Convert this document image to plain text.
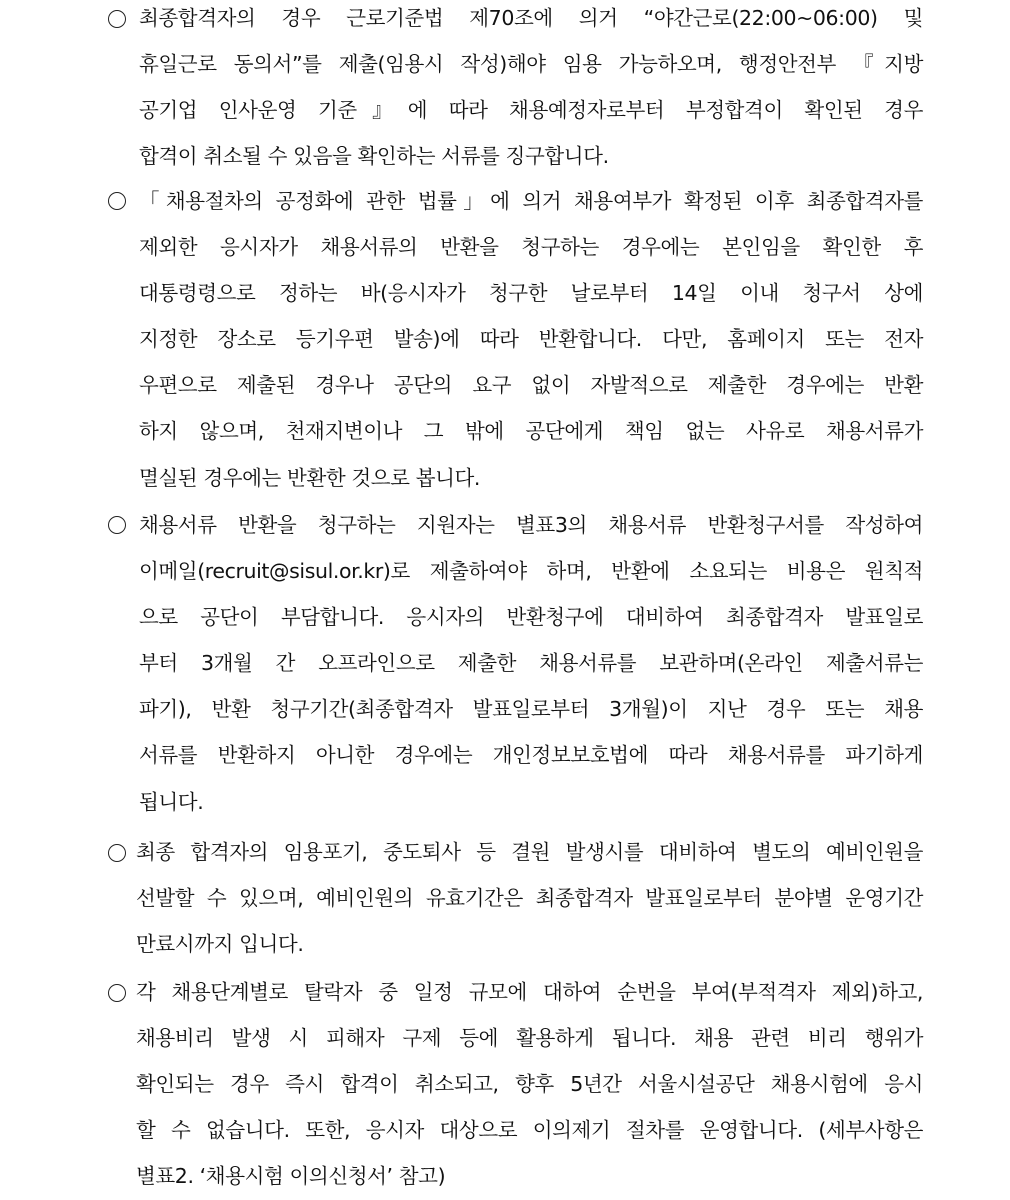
최종합격자의 경우 근로기준법 제70조에 의거 “야간근로(22:00~06:00) 및
휴일근로 동의서”를 제출(임용시 작성)해야 임용 가능하오며, 행정안전부 『지방
공기업 인사운영 기준』에 따라 채용예정자로부터 부정합격이 확인된 경우
합격이 취소될 수 있음을 확인하는 서류를 징구합니다.
「채용절차의 공정화에 관한 법률」에 의거 채용여부가 확정된 이후 최종합격자를
제외한 응시자가 채용서류의 반환을 청구하는 경우에는 본인임을 확인한 후
대통령령으로 정하는 바(응시자가 청구한 날로부터 14일 이내 청구서 상에
지정한 장소로 등기우편 발송)에 따라 반환합니다. 다만, 홈페이지 또는 전자
우편으로 제출된 경우나 공단의 요구 없이 자발적으로 제출한 경우에는 반환
하지 않으며, 천재지변이나 그 밖에 공단에게 책임 없는 사유로 채용서류가
멸실된 경우에는 반환한 것으로 봅니다.
채용서류 반환을 청구하는 지원자는 별표3의 채용서류 반환청구서를 작성하여
이메일(recruit@sisul.or.kr)로 제출하여야 하며, 반환에 소요되는 비용은 원칙적
으로 공단이 부담합니다. 응시자의 반환청구에 대비하여 최종합격자 발표일로
부터 3개월 간 오프라인으로 제출한 채용서류를 보관하며(온라인 제출서류는
파기), 반환 청구기간(최종합격자 발표일로부터 3개월)이 지난 경우 또는 채용
서류를 반환하지 아니한 경우에는 개인정보보호법에 따라 채용서류를 파기하게
됩니다.
최종 합격자의 임용포기, 중도퇴사 등 결원 발생시를 대비하여 별도의 예비인원을
선발할 수 있으며, 예비인원의 유효기간은 최종합격자 발표일로부터 분야별 운영기간
만료시까지 입니다.
각 채용단계별로 탈락자 중 일정 규모에 대하여 순번을 부여(부적격자 제외)하고,
채용비리 발생 시 피해자 구제 등에 활용하게 됩니다. 채용 관련 비리 행위가
확인되는 경우 즉시 합격이 취소되고, 향후 5년간 서울시설공단 채용시험에 응시
할 수 없습니다. 또한, 응시자 대상으로 이의제기 절차를 운영합니다. (세부사항은
별표2. ‘채용시험 이의신청서’ 참고)
